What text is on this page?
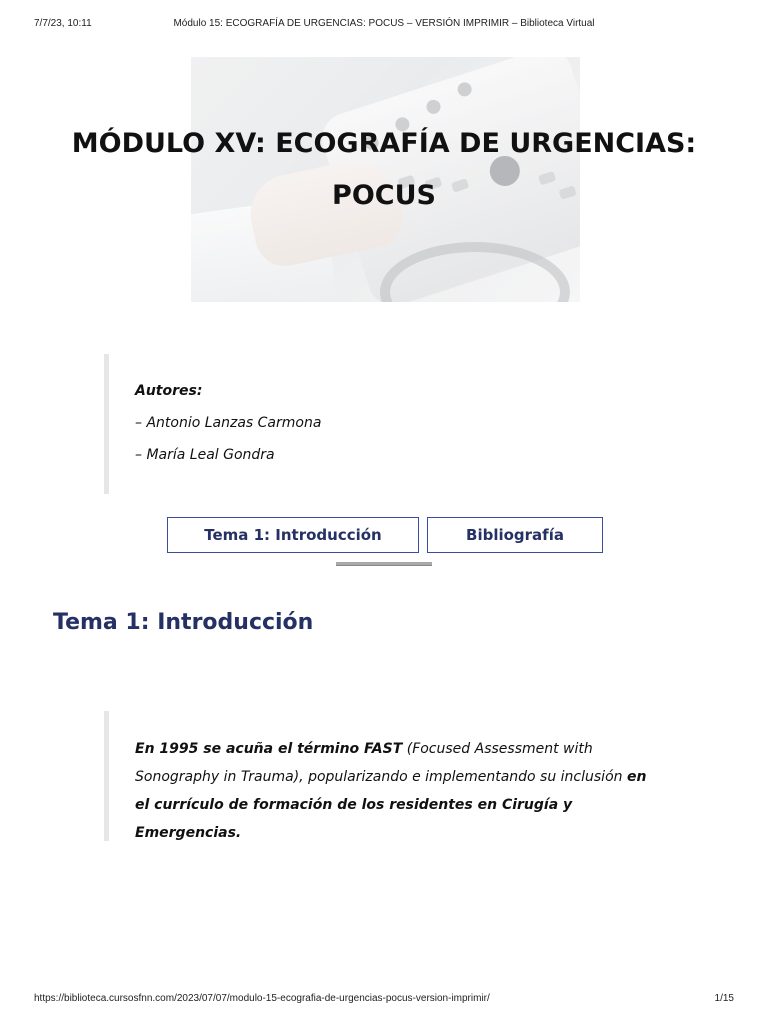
7/7/23, 10:11	Módulo 15: ECOGRAFÍA DE URGENCIAS: POCUS – VERSIÓN IMPRIMIR – Biblioteca Virtual
MÓDULO XV: ECOGRAFÍA DE URGENCIAS:
POCUS
Autores:
– Antonio Lanzas Carmona
– María Leal Gondra
Tema 1: Introducción	Bibliografía
Tema 1: Introducción

En 1995 se acuña el término FAST (Focused Assessment with Sonography in Trauma), popularizando e implementando su inclusión en el currículo de formación de los residentes en Cirugía y Emergencias.

https://biblioteca.cursosfnn.com/2023/07/07/modulo-15-ecografia-de-urgencias-pocus-version-imprimir/	1/15
